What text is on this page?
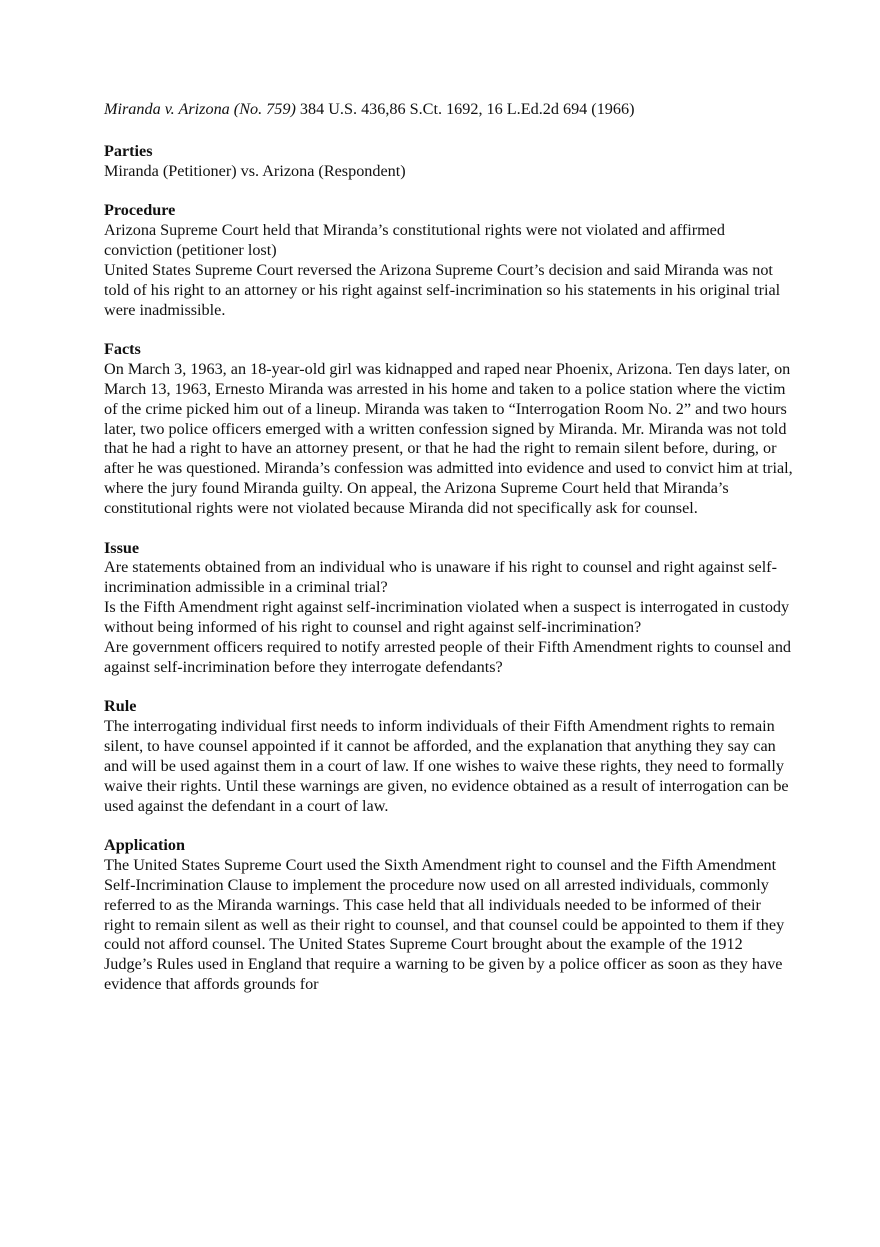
Miranda v. Arizona (No. 759) 384 U.S. 436,86 S.Ct. 1692, 16 L.Ed.2d 694 (1966)

Parties

Miranda (Petitioner) vs. Arizona (Respondent)

Procedure

Arizona Supreme Court held that Miranda’s constitutional rights were not violated and affirmed conviction (petitioner lost)

United States Supreme Court reversed the Arizona Supreme Court’s decision and said Miranda was not told of his right to an attorney or his right against self-incrimination so his statements in his original trial were inadmissible.

Facts

On March 3, 1963, an 18-year-old girl was kidnapped and raped near Phoenix, Arizona. Ten days later, on March 13, 1963, Ernesto Miranda was arrested in his home and taken to a police station where the victim of the crime picked him out of a lineup. Miranda was taken to “Interrogation Room No. 2” and two hours later, two police officers emerged with a written confession signed by Miranda. Mr. Miranda was not told that he had a right to have an attorney present, or that he had the right to remain silent before, during, or after he was questioned. Miranda’s confession was admitted into evidence and used to convict him at trial, where the jury found Miranda guilty. On appeal, the Arizona Supreme Court held that Miranda’s constitutional rights were not violated because Miranda did not specifically ask for counsel.

Issue

Are statements obtained from an individual who is unaware if his right to counsel and right against self-incrimination admissible in a criminal trial?

Is the Fifth Amendment right against self-incrimination violated when a suspect is interrogated in custody without being informed of his right to counsel and right against self-incrimination?

Are government officers required to notify arrested people of their Fifth Amendment rights to counsel and against self-incrimination before they interrogate defendants?

Rule

The interrogating individual first needs to inform individuals of their Fifth Amendment rights to remain silent, to have counsel appointed if it cannot be afforded, and the explanation that anything they say can and will be used against them in a court of law. If one wishes to waive these rights, they need to formally waive their rights. Until these warnings are given, no evidence obtained as a result of interrogation can be used against the defendant in a court of law.

Application

The United States Supreme Court used the Sixth Amendment right to counsel and the Fifth Amendment Self-Incrimination Clause to implement the procedure now used on all arrested individuals, commonly referred to as the Miranda warnings. This case held that all individuals needed to be informed of their right to remain silent as well as their right to counsel, and that counsel could be appointed to them if they could not afford counsel. The United States Supreme Court brought about the example of the 1912 Judge’s Rules used in England that require a warning to be given by a police officer as soon as they have evidence that affords grounds for
